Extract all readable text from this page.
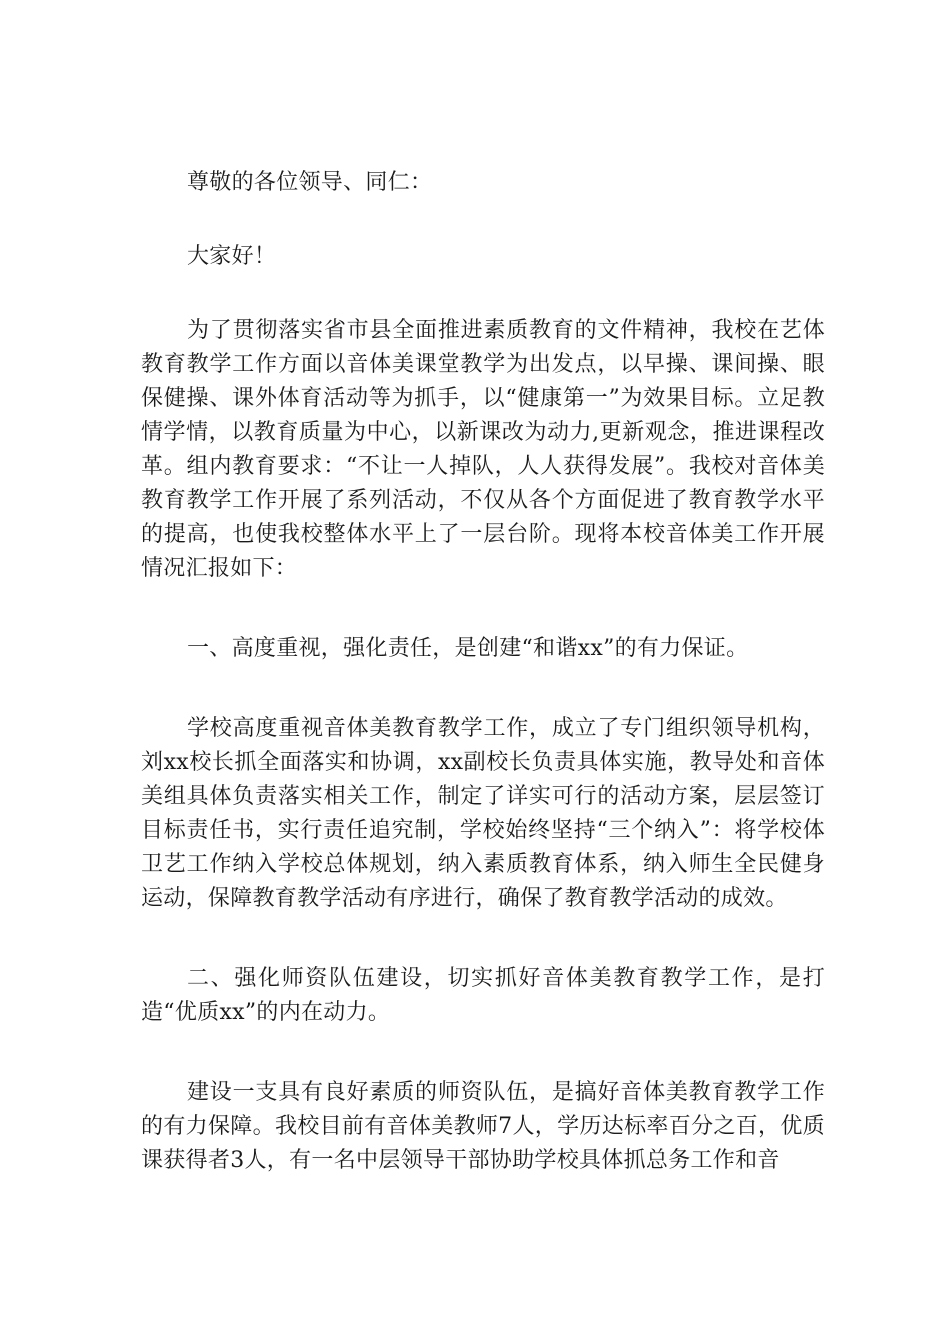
尊敬的各位领导、同仁：

大家好！

为了贯彻落实省市县全面推进素质教育的文件精神，我校在艺体教育教学工作方面以音体美课堂教学为出发点，以早操、课间操、眼保健操、课外体育活动等为抓手，以“健康第一”为效果目标。立足教情学情，以教育质量为中心，以新课改为动力,更新观念，推进课程改革。组内教育要求：“不让一人掉队，人人获得发展”。我校对音体美教育教学工作开展了系列活动，不仅从各个方面促进了教育教学水平的提高，也使我校整体水平上了一层台阶。现将本校音体美工作开展情况汇报如下：

一、高度重视，强化责任，是创建“和谐xx”的有力保证。

学校高度重视音体美教育教学工作，成立了专门组织领导机构，刘xx校长抓全面落实和协调，xx副校长负责具体实施，教导处和音体美组具体负责落实相关工作，制定了详实可行的活动方案，层层签订目标责任书，实行责任追究制，学校始终坚持“三个纳入”：将学校体卫艺工作纳入学校总体规划，纳入素质教育体系，纳入师生全民健身运动，保障教育教学活动有序进行，确保了教育教学活动的成效。

二、强化师资队伍建设，切实抓好音体美教育教学工作，是打造“优质xx”的内在动力。

建设一支具有良好素质的师资队伍，是搞好音体美教育教学工作的有力保障。我校目前有音体美教师7人，学历达标率百分之百，优质课获得者3人，有一名中层领导干部协助学校具体抓总务工作和音
